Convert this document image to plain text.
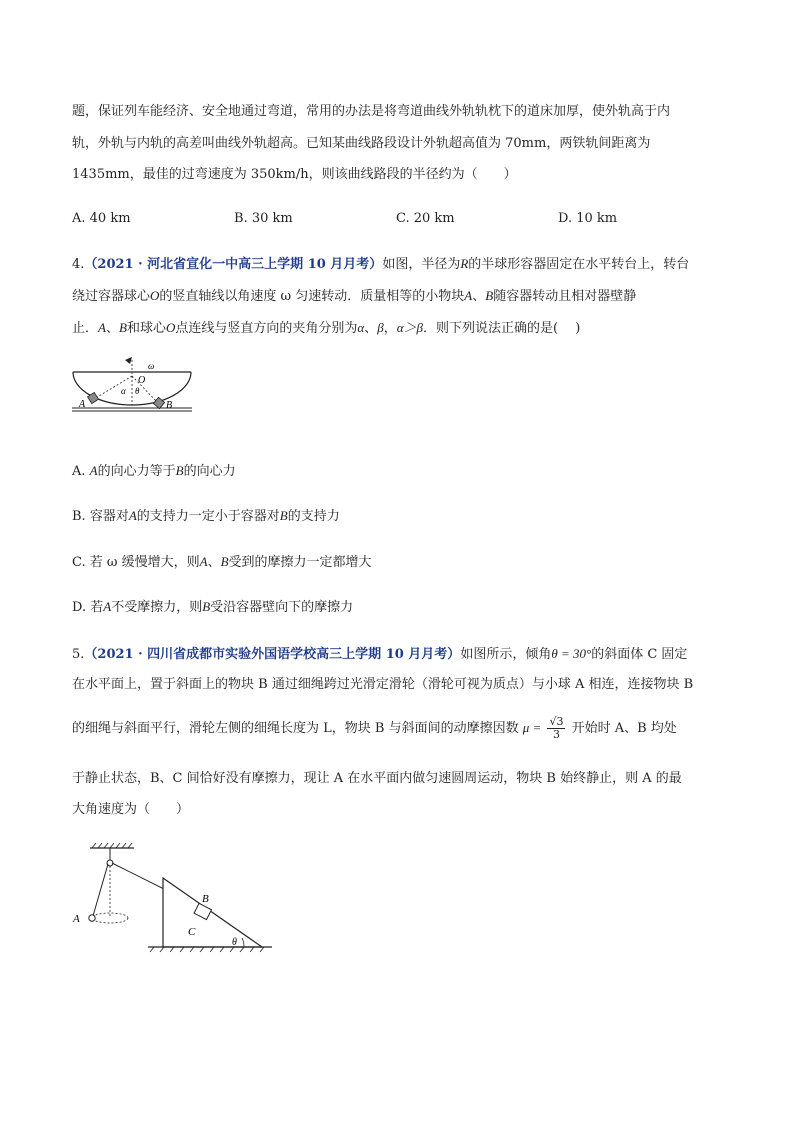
题，保证列车能经济、安全地通过弯道，常用的办法是将弯道曲线外轨轨枕下的道床加厚，使外轨高于内
轨，外轨与内轨的高差叫曲线外轨超高。已知某曲线路段设计外轨超高值为 70mm，两铁轨间距离为
1435mm，最佳的过弯速度为 350km/h，则该曲线路段的半径约为（　　）
A. 40 km	B. 30 km	C. 20 km	D. 10 km
4.（2021 · 河北省宣化一中高三上学期 10 月月考）如图，半径为R的半球形容器固定在水平转台上，转台
绕过容器球心O的竖直轴线以角速度 ω 匀速转动．质量相等的小物块A、B随容器转动且相对器壁静
止．A、B和球心O点连线与竖直方向的夹角分别为α、β，α＞β．则下列说法正确的是(　 )
ω
O
α θ
A	B
A. A的向心力等于B的向心力
B. 容器对A的支持力一定小于容器对B的支持力
C. 若 ω 缓慢增大，则A、B受到的摩擦力一定都增大
D. 若A不受摩擦力，则B受沿容器壁向下的摩擦力
5.（2021 · 四川省成都市实验外国语学校高三上学期 10 月月考）如图所示，倾角θ = 30°的斜面体 C 固定
在水平面上，置于斜面上的物块 B 通过细绳跨过光滑定滑轮（滑轮可视为质点）与小球 A 相连，连接物块 B
的细绳与斜面平行，滑轮左侧的细绳长度为 L，物块 B 与斜面间的动摩擦因数 $\mu = \frac{√3}{3}$ 开始时 A、B 均处
于静止状态，B、C 间恰好没有摩擦力，现让 A 在水平面内做匀速圆周运动，物块 B 始终静止，则 A 的最
大角速度为（　　）
A
B
C
θ
